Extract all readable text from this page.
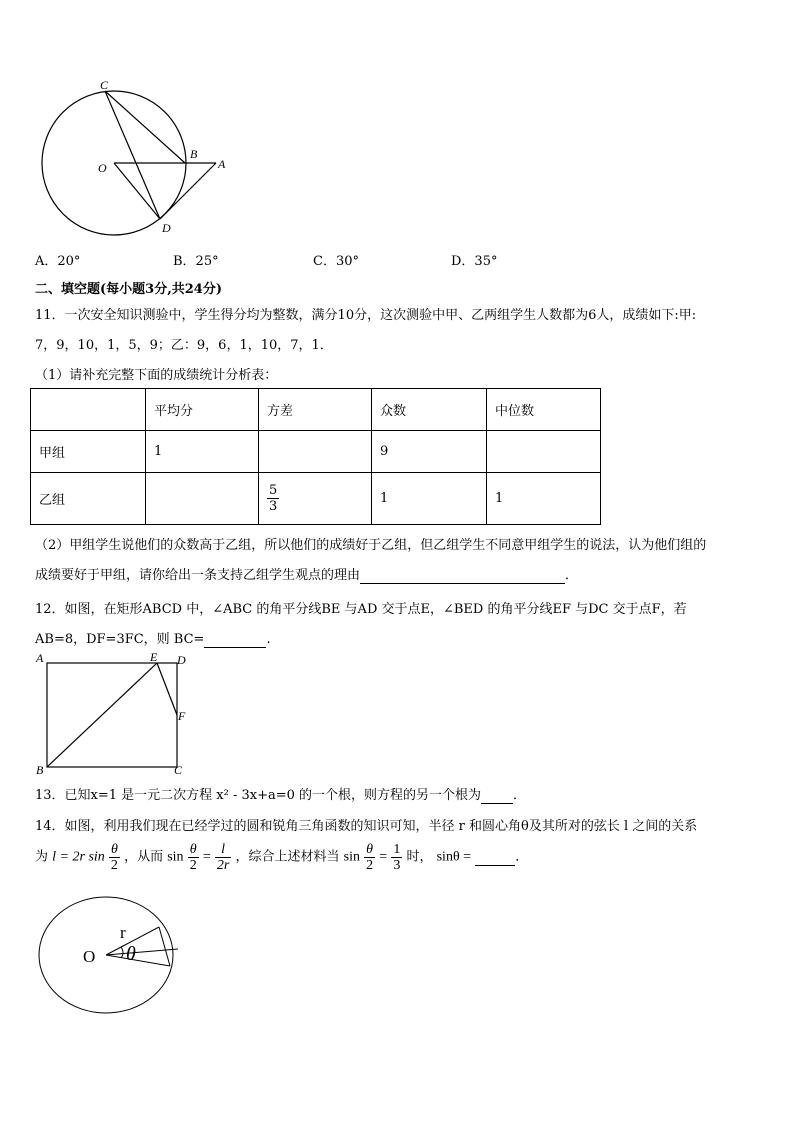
C
B
A
O
D
A．20°	B．25°	C．30°	D．35°
二、填空题(每小题3分,共24分)
11．一次安全知识测验中，学生得分均为整数，满分10分，这次测验中甲、乙两组学生人数都为6人，成绩如下:甲:
7，9，10，1，5，9；乙：9，6，1，10，7，1．
（1）请补充完整下面的成绩统计分析表：
	平均分	方差	众数	中位数
甲组	1		9	
乙组		$\frac{5}{3}$	1	1
（2）甲组学生说他们的众数高于乙组，所以他们的成绩好于乙组，但乙组学生不同意甲组学生的说法，认为他们组的
成绩要好于甲组，请你给出一条支持乙组学生观点的理由	．
12．如图，在矩形ABCD 中，∠ABC 的角平分线BE 与AD 交于点E，∠BED 的角平分线EF 与DC 交于点F，若
AB=8，DF=3FC，则 BC=	.
A	E D
F
B	C
13．已知x=1 是一元二次方程 x² - 3x+a=0 的一个根，则方程的另一个根为 ．
14．如图，利用我们现在已经学过的圆和锐角三角函数的知识可知，半径 r 和圆心角θ及其所对的弦长 l 之间的关系
为 l = 2r $\sin \frac{\theta}{2}$ ，从而 $\sin \frac{\theta}{2} = \frac{l}{2r}$ ，综合上述材料当 $\sin \frac{\theta}{2} = \frac{1}{3}$ 时， sinθ =	．
r
θ
O
